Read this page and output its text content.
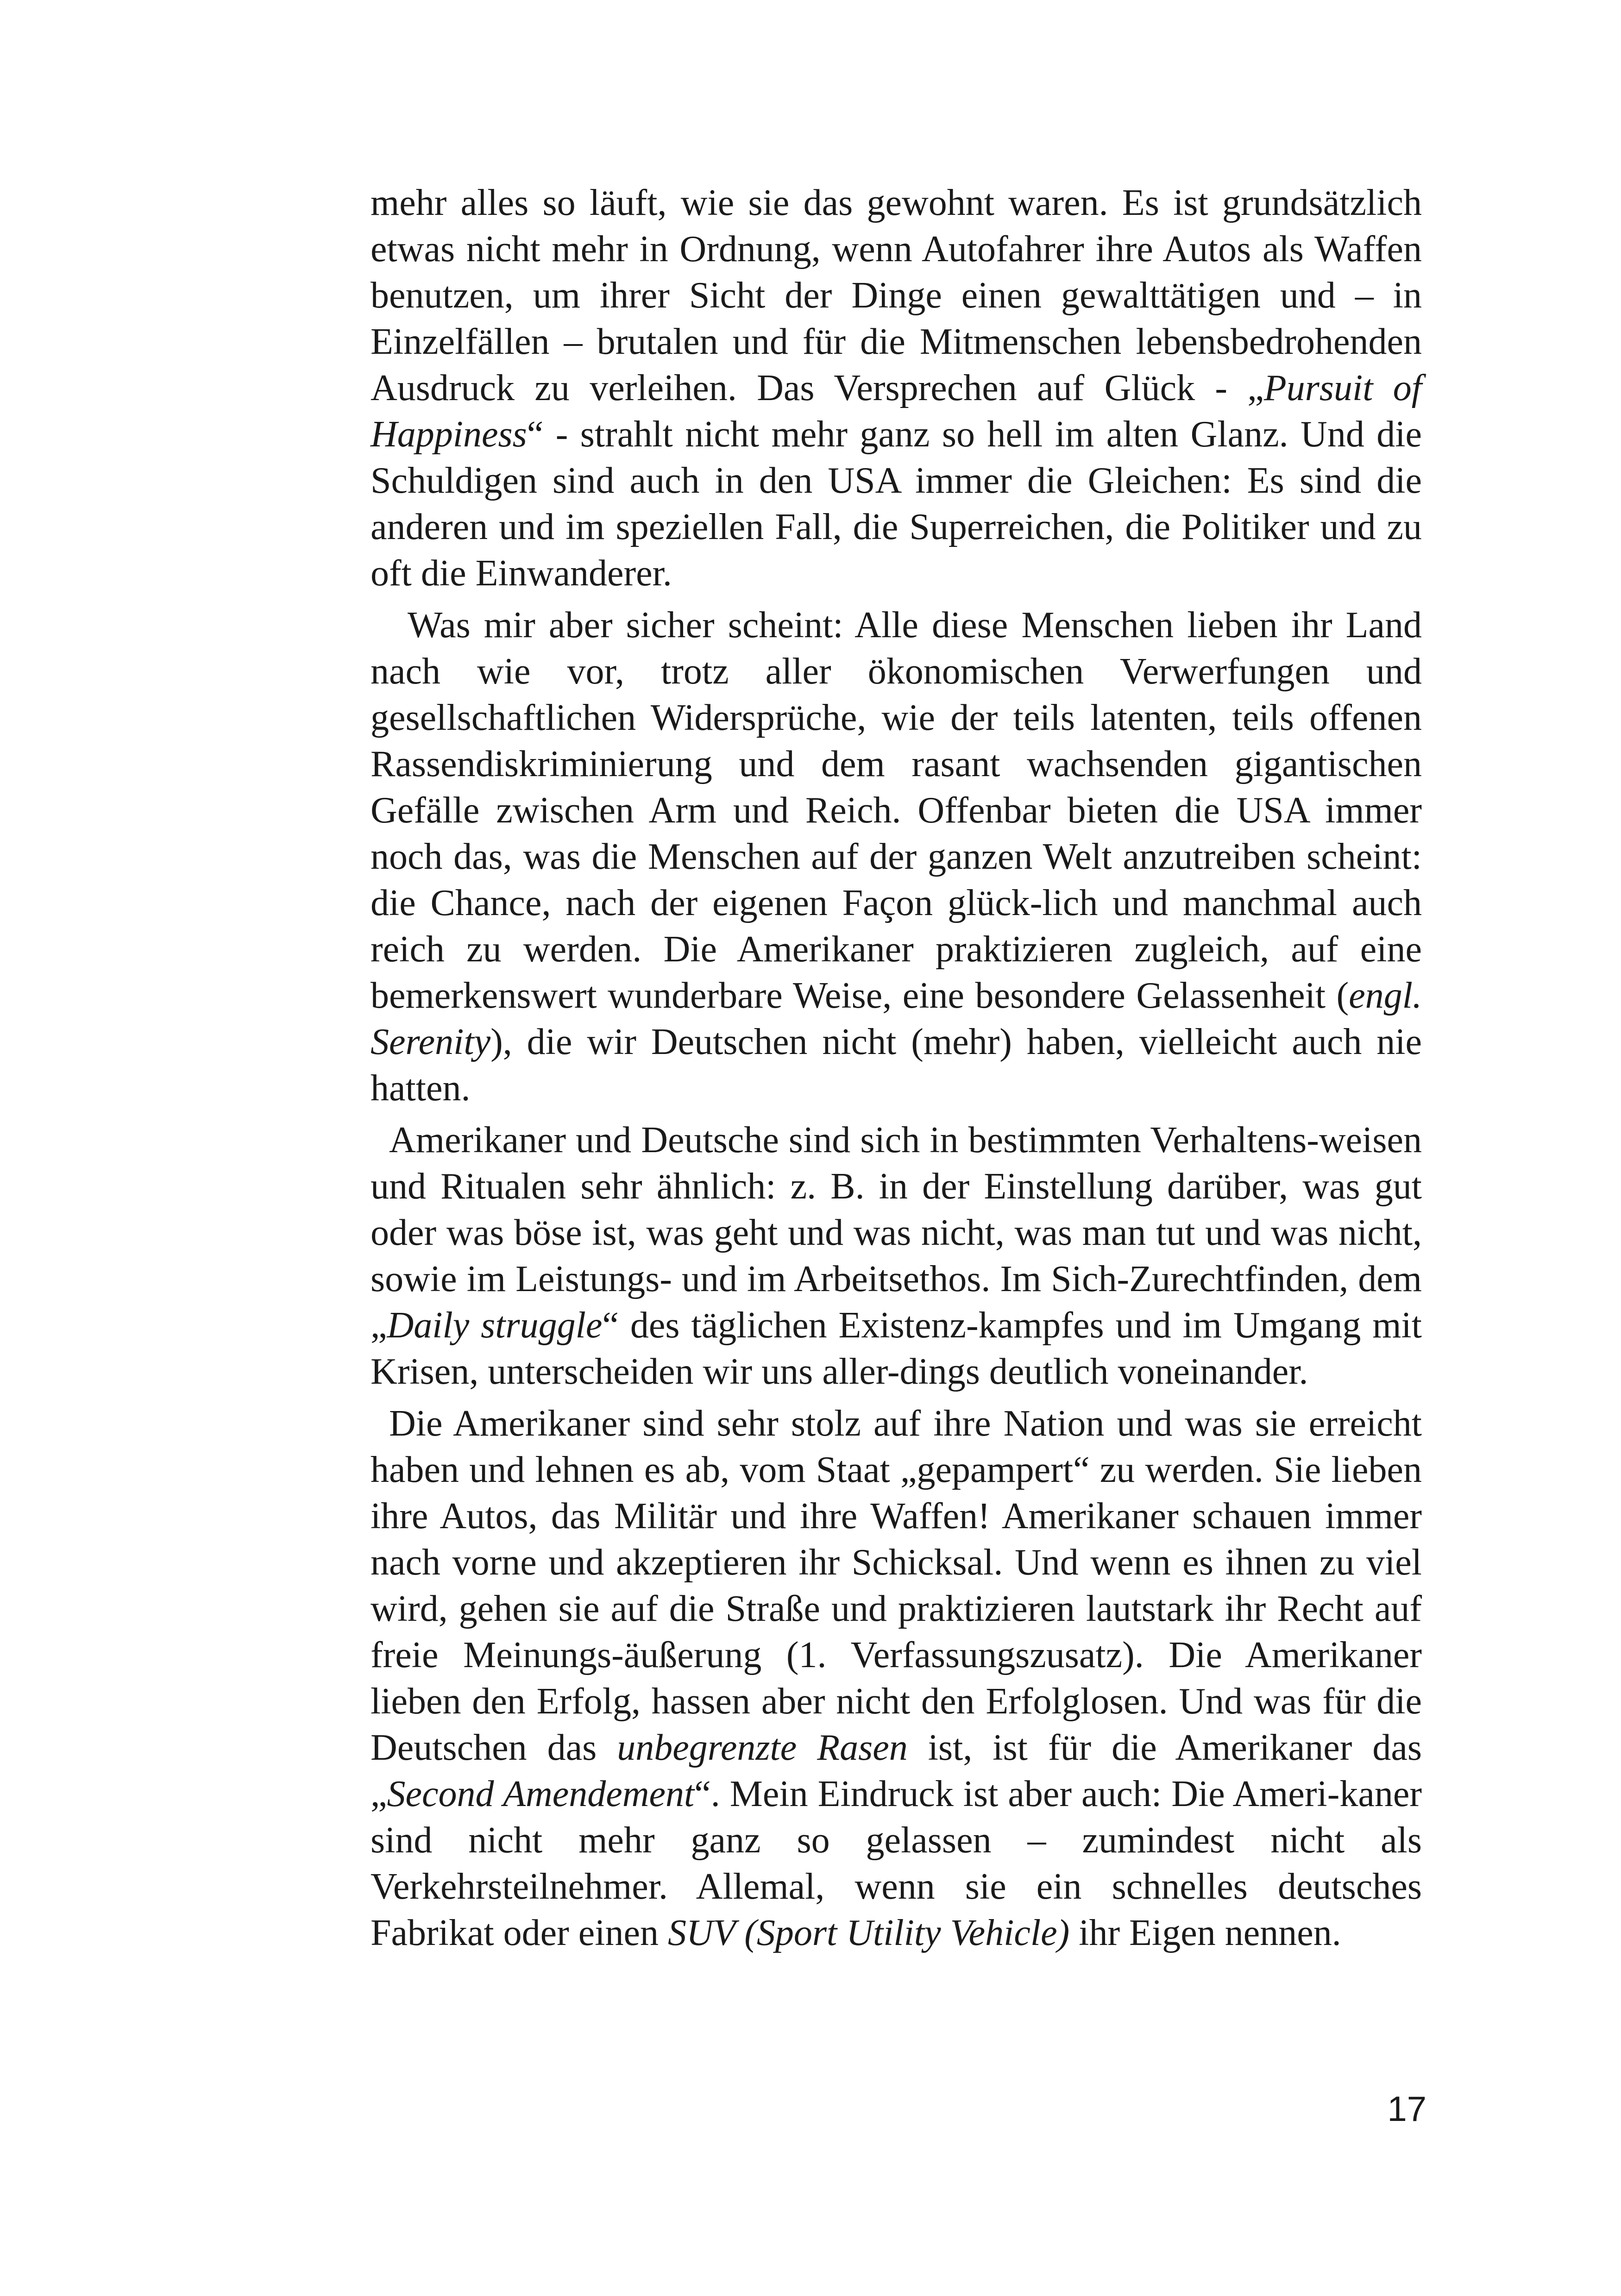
mehr alles so läuft, wie sie das gewohnt waren. Es ist grundsätzlich etwas nicht mehr in Ordnung, wenn Autofahrer ihre Autos als Waffen benutzen, um ihrer Sicht der Dinge einen gewalttätigen und – in Einzelfällen – brutalen und für die Mitmenschen lebensbedrohenden Ausdruck zu verleihen. Das Versprechen auf Glück - „Pursuit of Happiness“ - strahlt nicht mehr ganz so hell im alten Glanz. Und die Schuldigen sind auch in den USA immer die Gleichen: Es sind die anderen und im speziellen Fall, die Superreichen, die Politiker und zu oft die Einwanderer.

Was mir aber sicher scheint: Alle diese Menschen lieben ihr Land nach wie vor, trotz aller ökonomischen Verwerfungen und gesellschaftlichen Widersprüche, wie der teils latenten, teils offenen Rassendiskriminierung und dem rasant wachsenden gigantischen Gefälle zwischen Arm und Reich. Offenbar bieten die USA immer noch das, was die Menschen auf der ganzen Welt anzutreiben scheint: die Chance, nach der eigenen Façon glück-lich und manchmal auch reich zu werden. Die Amerikaner praktizieren zugleich, auf eine bemerkenswert wunderbare Weise, eine besondere Gelassenheit (engl. Serenity), die wir Deutschen nicht (mehr) haben, vielleicht auch nie hatten.

Amerikaner und Deutsche sind sich in bestimmten Verhaltens-weisen und Ritualen sehr ähnlich: z. B. in der Einstellung darüber, was gut oder was böse ist, was geht und was nicht, was man tut und was nicht, sowie im Leistungs- und im Arbeitsethos. Im Sich-Zurechtfinden, dem „Daily struggle“ des täglichen Existenz-kampfes und im Umgang mit Krisen, unterscheiden wir uns aller-dings deutlich voneinander.

Die Amerikaner sind sehr stolz auf ihre Nation und was sie erreicht haben und lehnen es ab, vom Staat „gepampert“ zu werden. Sie lieben ihre Autos, das Militär und ihre Waffen! Amerikaner schauen immer nach vorne und akzeptieren ihr Schicksal. Und wenn es ihnen zu viel wird, gehen sie auf die Straße und praktizieren lautstark ihr Recht auf freie Meinungs-äußerung (1. Verfassungszusatz). Die Amerikaner lieben den Erfolg, hassen aber nicht den Erfolglosen. Und was für die Deutschen das unbegrenzte Rasen ist, ist für die Amerikaner das „Second Amendement“. Mein Eindruck ist aber auch: Die Ameri-kaner sind nicht mehr ganz so gelassen – zumindest nicht als Verkehrsteilnehmer. Allemal, wenn sie ein schnelles deutsches Fabrikat oder einen SUV (Sport Utility Vehicle) ihr Eigen nennen.

17
